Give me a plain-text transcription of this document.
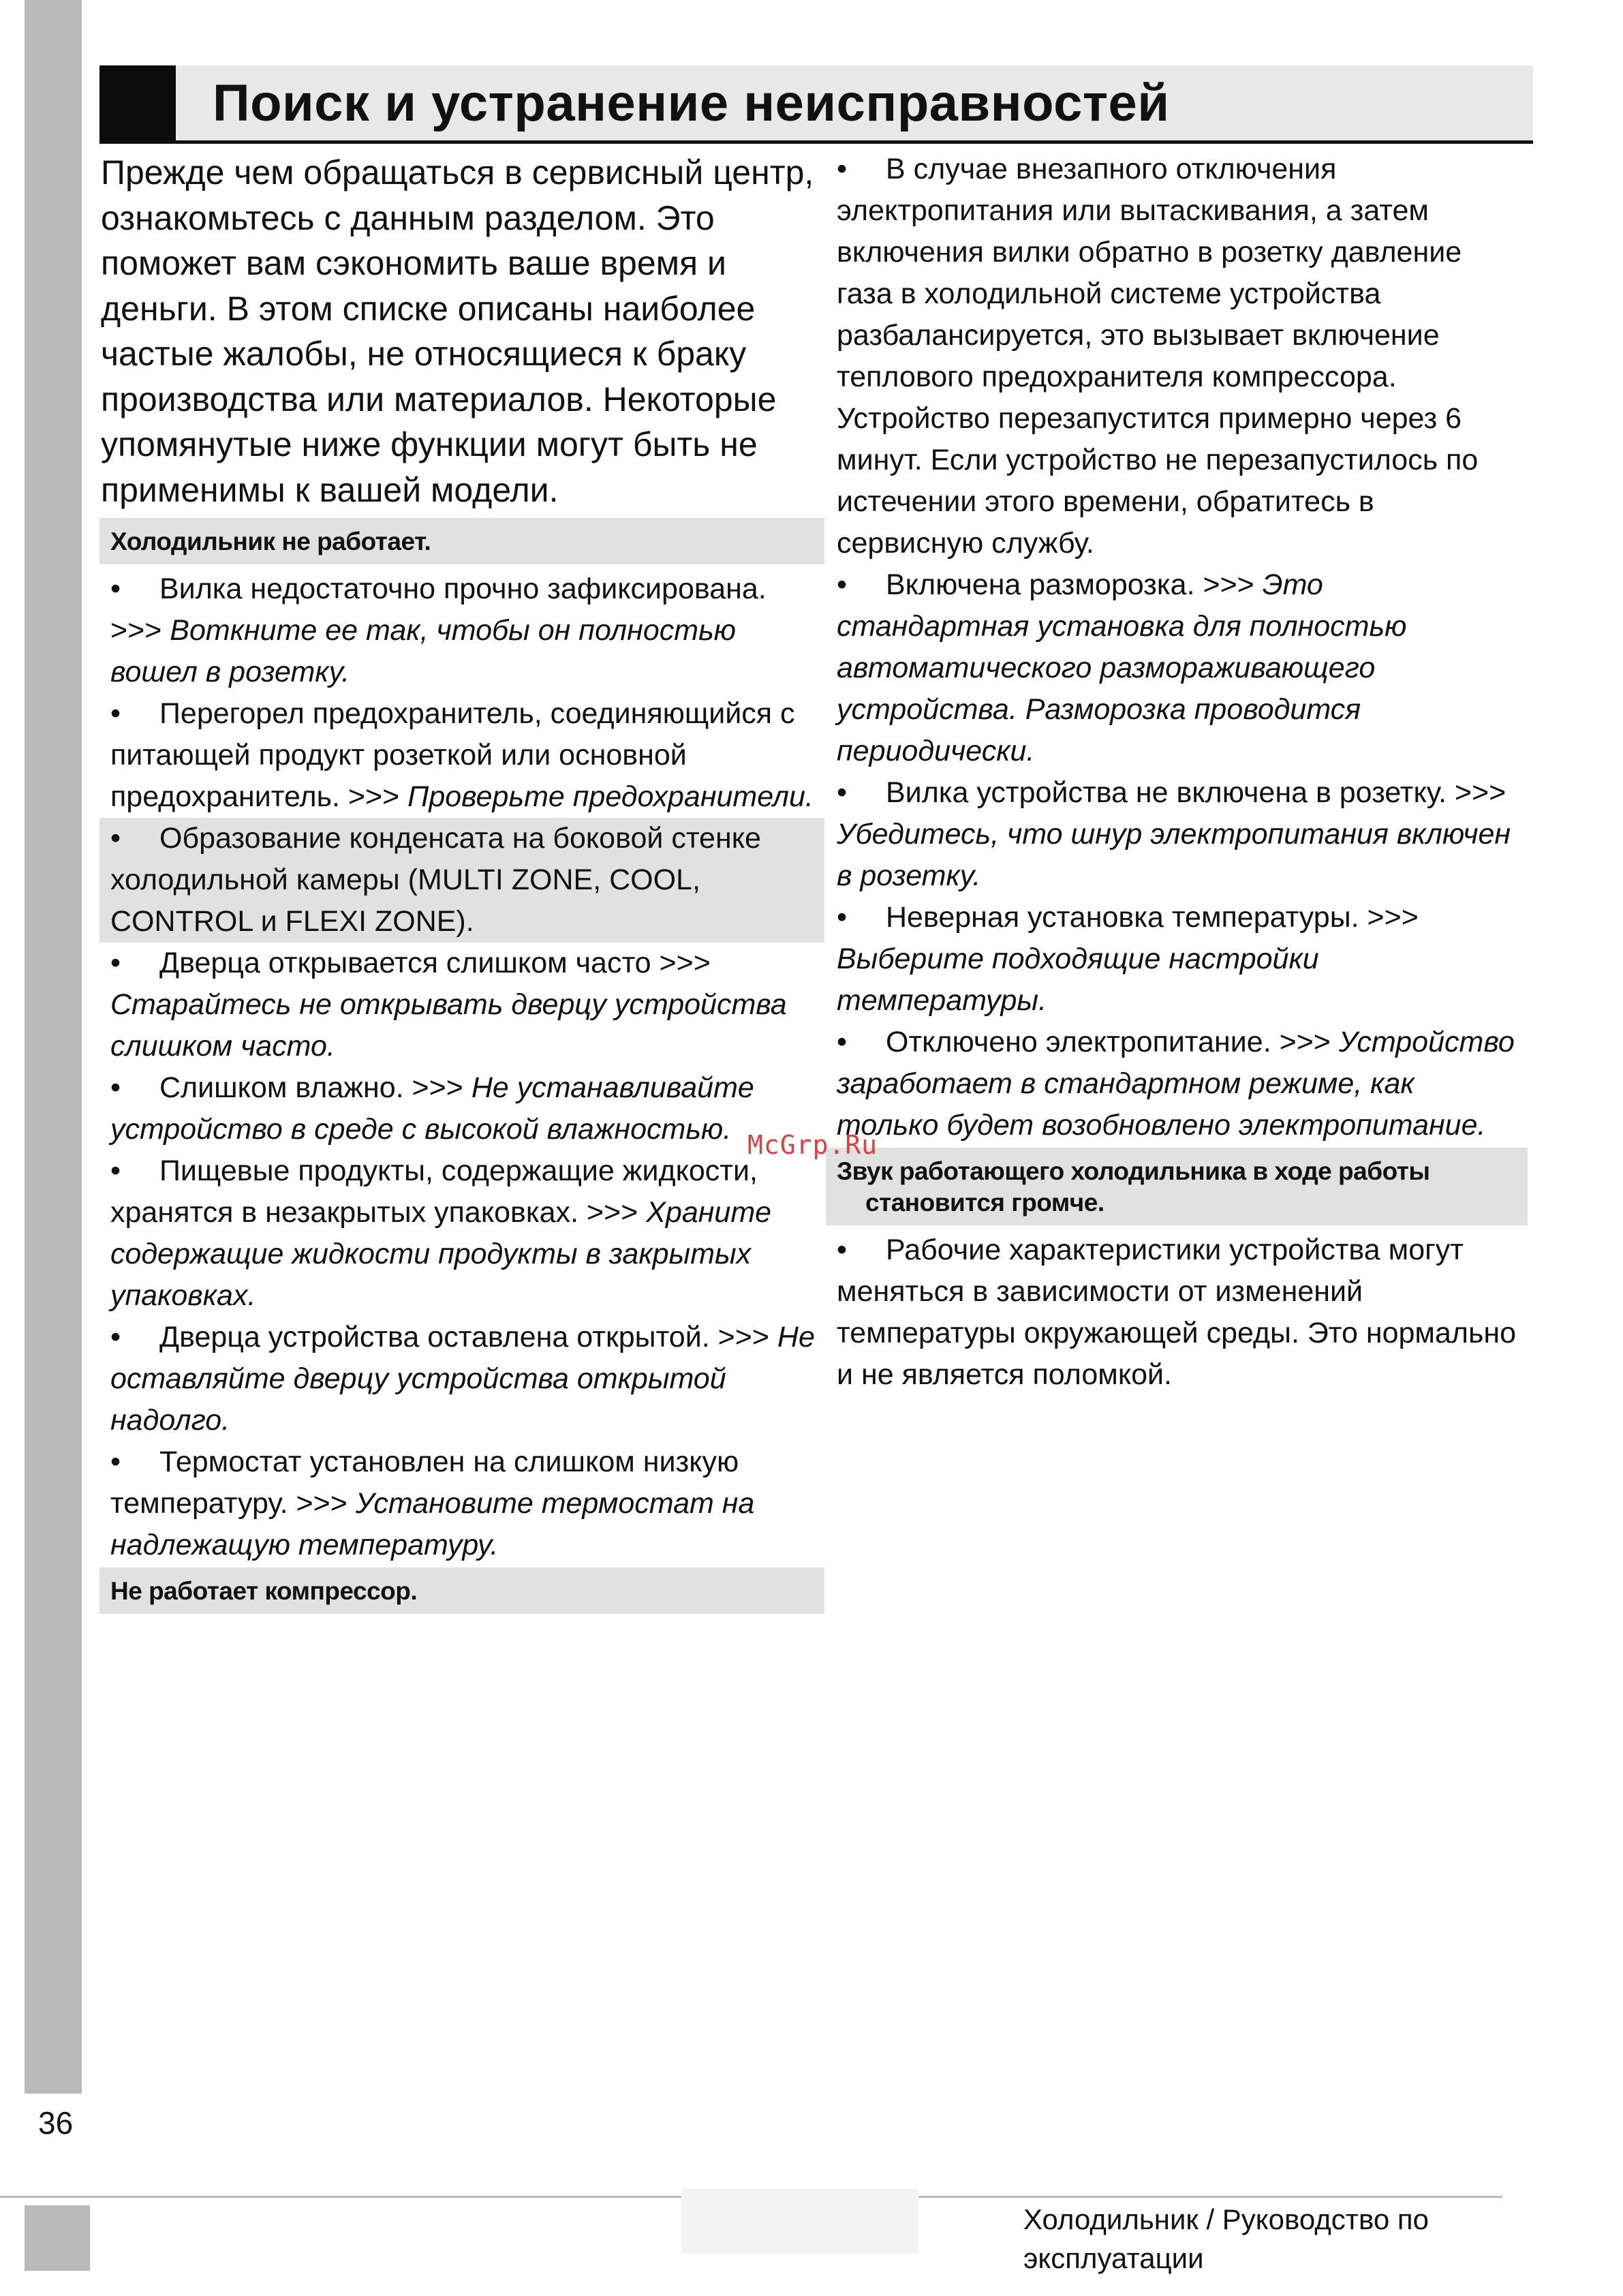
Поиск и устранение неисправностей

Прежде чем обращаться в сервисный центр, ознакомьтесь с данным разделом. Это поможет вам сэкономить ваше время и деньги. В этом списке описаны наиболее частые жалобы, не относящиеся к браку производства или материалов. Некоторые упомянутые ниже функции могут быть не применимы к вашей модели.

Холодильник не работает.

• Вилка недостаточно прочно зафиксирована. >>> Воткните ее так, чтобы он полностью вошел в розетку.

• Перегорел предохранитель, соединяющийся с питающей продукт розеткой или основной предохранитель. >>> Проверьте предохранители.

• Образование конденсата на боковой стенке холодильной камеры (MULTI ZONE, COOL, CONTROL и FLEXI ZONE).

• Дверца открывается слишком часто >>> Старайтесь не открывать дверцу устройства слишком часто.

• Слишком влажно. >>> Не устанавливайте устройство в среде с высокой влажностью.

• Пищевые продукты, содержащие жидкости, хранятся в незакрытых упаковках. >>> Храните содержащие жидкости продукты в закрытых упаковках.

• Дверца устройства оставлена открытой. >>> Не оставляйте дверцу устройства открытой надолго.

• Термостат установлен на слишком низкую температуру. >>> Установите термостат на надлежащую температуру.

Не работает компрессор.

• В случае внезапного отключения электропитания или вытаскивания, а затем включения вилки обратно в розетку давление газа в холодильной системе устройства разбалансируется, это вызывает включение теплового предохранителя компрессора. Устройство перезапустится примерно через 6 минут. Если устройство не перезапустилось по истечении этого времени, обратитесь в сервисную службу.

• Включена разморозка. >>> Это стандартная установка для полностью автоматического размораживающего устройства. Разморозка проводится периодически.

• Вилка устройства не включена в розетку. >>> Убедитесь, что шнур электропитания включен в розетку.

• Неверная установка температуры. >>> Выберите подходящие настройки температуры.

• Отключено электропитание. >>> Устройство заработает в стандартном режиме, как только будет возобновлено электропитание.

Звук работающего холодильника в ходе работы
становится громче.

• Рабочие характеристики устройства могут меняться в зависимости от изменений температуры окружающей среды. Это нормально и не является поломкой.

McGrp.Ru
36
Холодильник / Руководство по эксплуатации
